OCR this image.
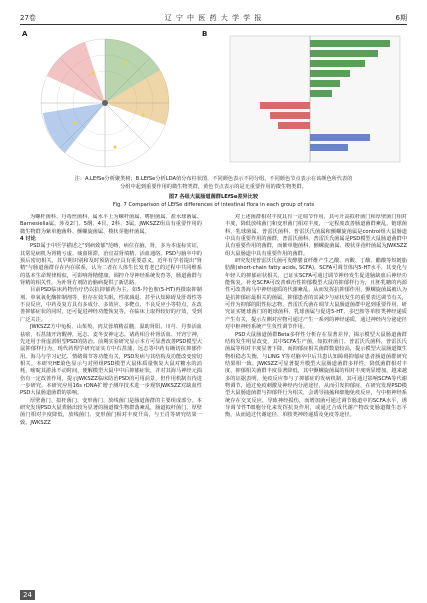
27卷	辽 宁 中 医 药 大 学 学 报	6期
A	B
注：A.LEfSe分析聚类树；B.LEfSe分析LDA值分布柱状图，不同颜色表示不同分组，不同颜色节点表示在该颜色所代表的
分组中起到重要作用的微生物类群，黄色节点表示的是无重要作用的微生物类群。
图7 各组大鼠肠道菌群LEfSe差异比较
Fig. 7 Comparison of LEfSe differences of intestinal flora in each group of rats

为螺杆菌科、丹毒丝菌科、属水平上为螺杆菌属、嗜胆菌属、盐水球菌属、Barnesiella属。涉及2门、5纲、4目、2科、3属。JWKSZZ组具有重要作用的微生物群为紫单胞菌科、颤螺旋菌属、梭状芽胞杆菌属。

4 讨论

PSD属于中医学描述之"到病致郁"范畴，病位在脑，肾，多为本虚标实证，其常见病机为肾精亏虚、痰血阻滞，治宜益肾填精、活血通络。PSD与脑卒中的预后密切相关，其早期识别和及时预防治疗具有重要意义，近年有学者提出"肾精"与肠道菌群存在内在联系，认为二者在人体生长发育老已的过程中共同维系的基本生命规律相似，可影响肾精健康，调控介导神经系统发育等，肠道菌群与肾精的相关性，为补肾方剂防治脑病提供了新思路。

目前PSD临床药物治疗仍以抗抑郁药为主，如5-羟色胺(5-HT)再摄取抑制剂、单氧氧化酶抑制剂等，但存在效失眠、性欲减退、甚至认知障碍及肝毒性等不良反应，中药及复方具有多成分、多效应、多靶点、不良反应小等特点，在改善抑郁症状的同时，还可促进神经功能恢复等，在临床上取得较好的疗效，受到广泛关注。

JWKSZZ方中龟板、山茱萸、肉苁蓉填精益髓，温助肾阳，川芎、丹参活血祛瘀，石菖蒲开窍醒神，远志、麦冬安神定志。诸药相合补肾活血、开窍宁神，先还用于肾虚淤阻型PSD的防治。前期实验研究显示本方可显著改善PSD模型大鼠抑郁样行为，现代药理学研究证实方中石菖蒲、远志等中药有确切抗抑郁作用。海马与学习记忆、情绪调节等功能有关，PSD发病与其结构及功能改变密切相关。本研究HE染色显示与对照组PSD模型大鼠体质量恢复大鼠对糖水的消耗，嘧啶其游泳不动时间，便解模型大鼠中中后抑郁症状，并对其海马神经元损伤有一定改善作用，提示JWKSZZ临床防治PSD的可用前景，但作用机制有待进一步研究。本研究应用16s rDNA扩增子测序技术进一步观察JWKSZZ对缺血性PSD大鼠肠道菌群的影响。

厚壁菌门、拟杆菌门、变形菌门、放线菌门是肠道菌群的主要组成部分，本研究发现PSD大鼠粪肠出较为显著的肠道微生物群落紊乱，肠道拟杆菌门、厚壁菌门相对丰度降低，放线菌门、变形菌门相对丰度升高，与王肖等研究结果一致。JWKSZZ

对上述菌群相对丰度具有一定调节作用，其可升高拟杆菌门和厚壁菌门相对丰度，降低放线菌门和变形菌门相对丰度，一定程度改善肠道菌群紊乱。链球菌科、乳球菌属、普雷沃菌科、普雷沃氏菌属和颤螺旋菌属是control组大鼠肠道中具有重要作用的菌群，普雷沃菌科、普雷沃氏菌属是PSD模型大鼠肠道菌群中具有重要作用的菌群，而紫单胞菌科、颤螺旋菌属、梭状芽孢杆菌属为JWKSZZ组大鼠肠道中具有重要作用的菌群。

研究发现普雷沃氏菌可发酵膳食纤维产生乙酸、丙酸、丁酸、醋酸等短链脂肪酸(short-chain fatty acids, SCFA)，SCFA可调节体内5-HT水平，其变化与年轻人的抑郁症状相关，已证实SCFA可通过调节神经发生促进脑缺血后神经功能恢复，补充SCFA可改善难治性抑郁模型大鼠的抑郁样行为，且胚乳糖的内源性可改善海马中神经递质的代谢紊乱，从而发挥抗抑郁作用，颤螺旋菌属被认为是抗抑郁症最相关的菌属，抑郁患者的其减少与症状发生的重要表达调节有关，可作为抑郁的阳性标志物，普雷沃氏菌在调节大鼠肠道菌群中起到重要作用，研究证实链球菌门的链球菌科、乳球菌属与促进5-HT、多巴胺等单胺类神经递质产生有关，提示左侧对应物可通过产生一系列的神经递质，通过神经内分泌途径对中枢神经系统产生负性调节作用。

PSD大鼠肠道菌群Beta多样性分析存在显著差异，揭示模型大鼠肠道菌群结构发生明显改变，其中SCFA生产菌，如拟杆菌门、普雷沃氏菌科、普雷沃氏菌属等相对丰度显著下降，而抑郁症相关菌群数量较高，提示模型大鼠肠道微生物组稳态失衡，与LING Y等对脑卒中后共患认知障碍抑郁症患者肠道菌群研究结果相一致。JWKSZZ可显著提升模型大鼠肠道菌群多样性，降低菌群相对丰度，抑郁相关菌群丰度显著降低，其中颤螺旋菌属的相对丰度明显增加，越来越多的证据表明，免疫反应参与了抑郁症的发病机制，其可通过影响SCFA等代谢物调节，通过免疫刺激及神经内分泌途径，从而引发抑郁症，在研究发现PSD模型大鼠肠道菌群与抑郁样行为相关，会诱导抽搐和细胞免疫反应，与中枢神经系统存在交叉反应，导致神经损伤，而增加菌可通过调节肠道中的SCFA水平，诱导调节性T细胞分化来发挥抗炎作用，或通过合成代谢产物改变肠道微生态平衡，从而通过代谢途径、单胺类神经递质及免疫等途径。

24
